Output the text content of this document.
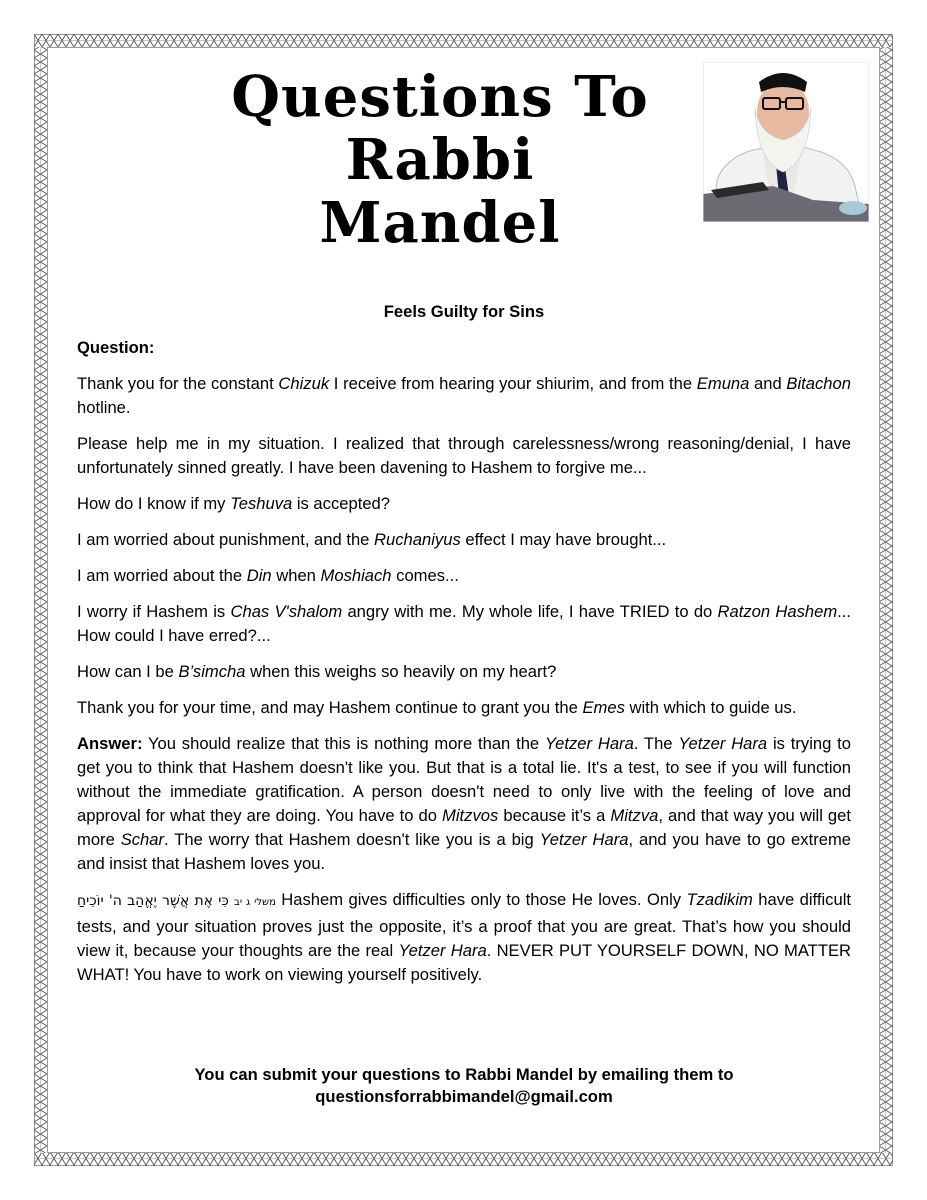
Questions To
Rabbi
Mandel
Feels Guilty for Sins
Question:
Thank you for the constant Chizuk I receive from hearing your shiurim, and from the Emuna and Bitachon hotline.
Please help me in my situation. I realized that through carelessness/wrong reasoning/denial, I have unfortunately sinned greatly. I have been davening to Hashem to forgive me...
How do I know if my Teshuva is accepted?
I am worried about punishment, and the Ruchaniyus effect I may have brought...
I am worried about the Din when Moshiach comes...
I worry if Hashem is Chas V'shalom angry with me. My whole life, I have TRIED to do Ratzon Hashem... How could I have erred?...
How can I be B’simcha when this weighs so heavily on my heart?
Thank you for your time, and may Hashem continue to grant you the Emes with which to guide us.
Answer: You should realize that this is nothing more than the Yetzer Hara. The Yetzer Hara is trying to get you to think that Hashem doesn't like you. But that is a total lie. It's a test, to see if you will function without the immediate gratification. A person doesn't need to only live with the feeling of love and approval for what they are doing. You have to do Mitzvos because it’s a Mitzva, and that way you will get more Schar. The worry that Hashem doesn't like you is a big Yetzer Hara, and you have to go extreme and insist that Hashem loves you.
משלי ג יב כִּי אֶת אֲשֶׁר יֶאֱהַב ה' יוֹכִיחַ	Hashem gives difficulties only to those He loves. Only Tzadikim have difficult tests, and your situation proves just the opposite, it’s a proof that you are great. That’s how you should view it, because your thoughts are the real Yetzer Hara. NEVER PUT YOURSELF DOWN, NO MATTER WHAT! You have to work on viewing yourself positively.
You can submit your questions to Rabbi Mandel by emailing them to
questionsforrabbimandel@gmail.com
